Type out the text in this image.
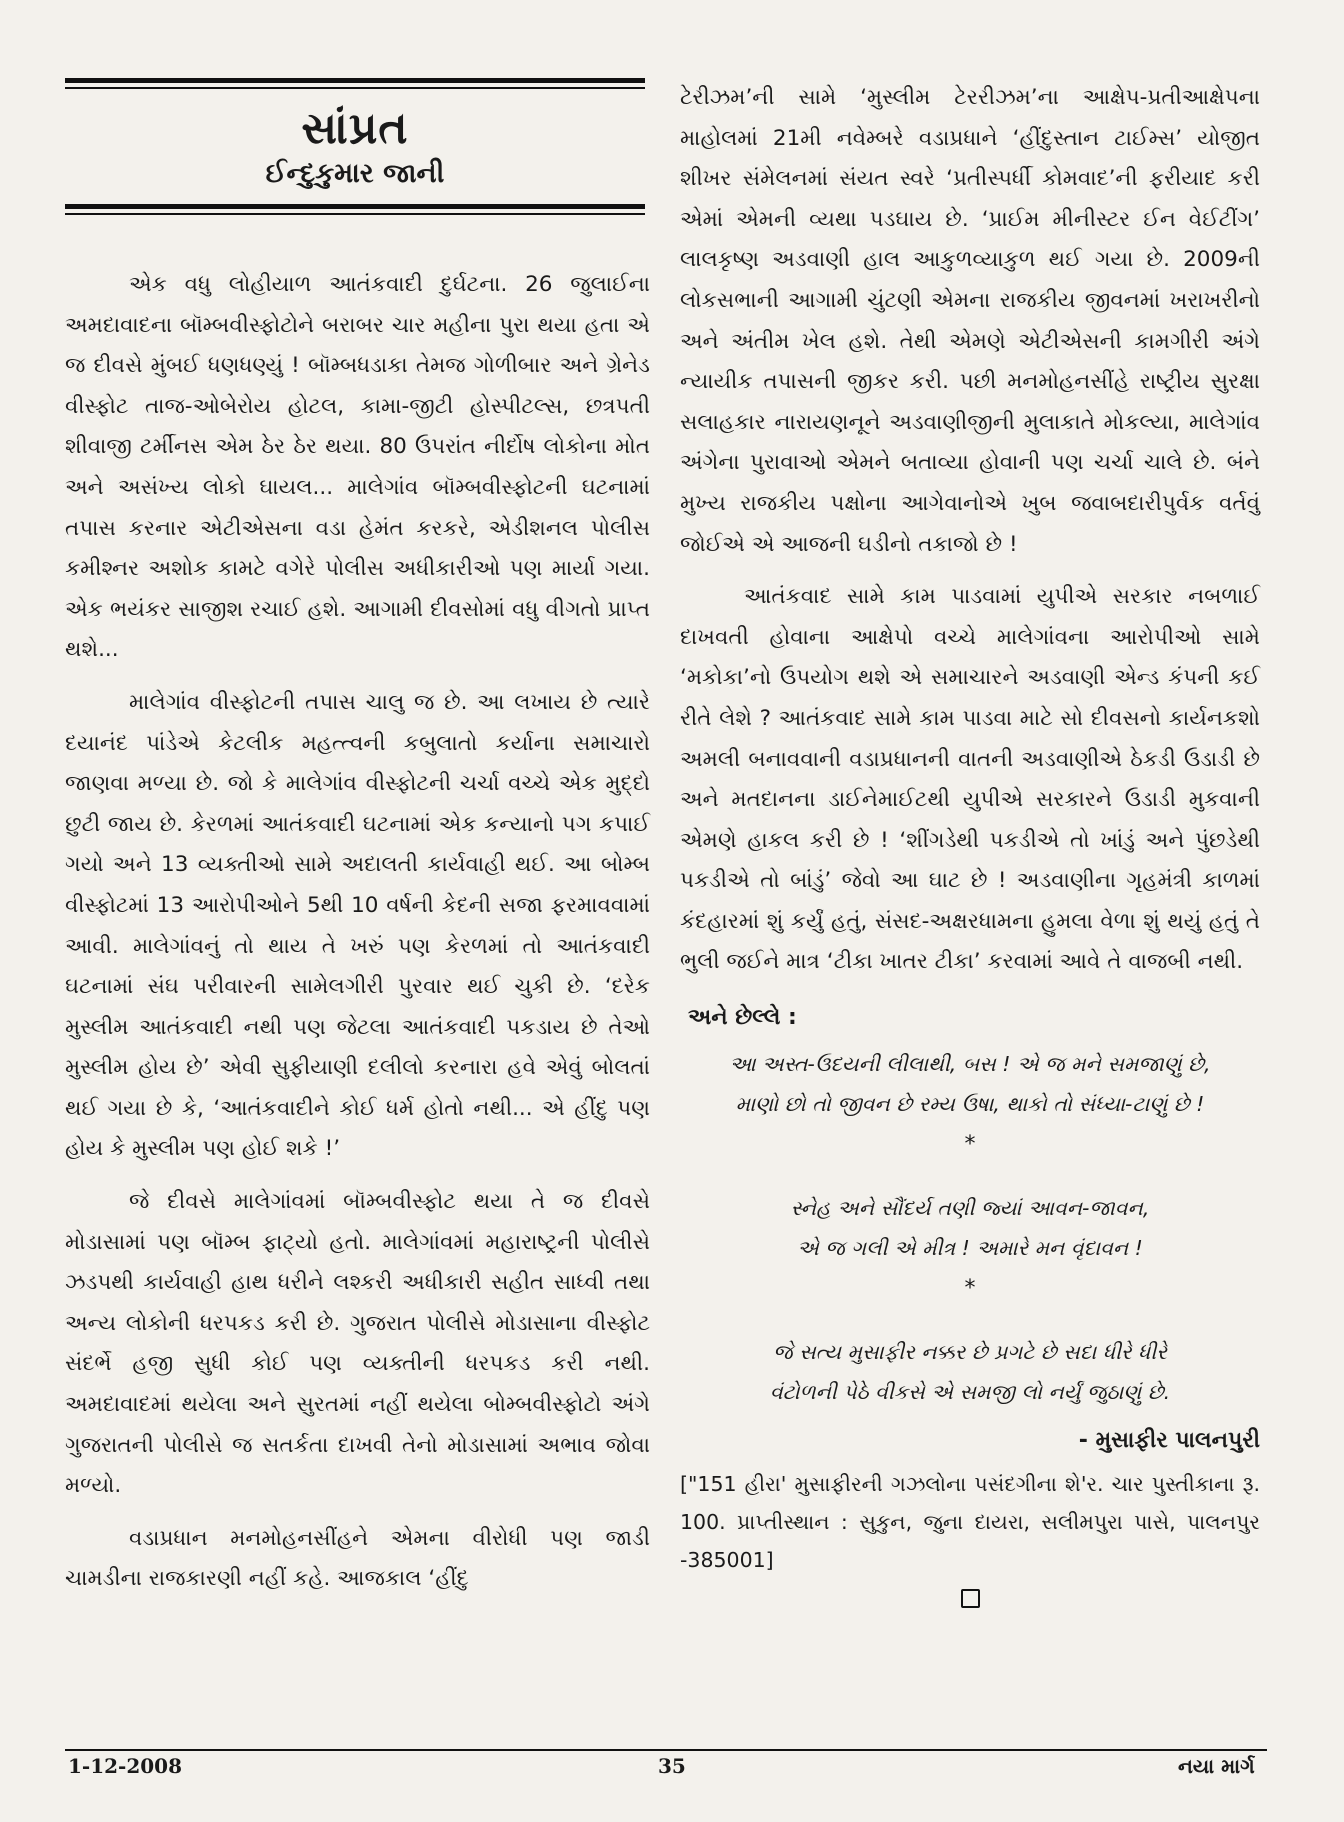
સાંપ્રત
ઈન્દુકુમાર જાની

એક વધુ લોહીયાળ આતંકવાદી દુર્ઘટના. 26 જુલાઈના અમદાવાદના બૉમ્બવીસ્ફોટોને બરાબર ચાર મહીના પુરા થયા હતા એ જ દીવસે મુંબઈ ધણધણ્યું ! બૉમ્બધડાકા તેમજ ગોળીબાર અને ગ્રેનેડ વીસ્ફોટ તાજ-ઓબેરોય હોટલ, કામા-જીટી હોસ્પીટલ્સ, છત્રપતી શીવાજી ટર્મીનસ એમ ઠેર ઠેર થયા. 80 ઉપરાંત નીર્દોષ લોકોના મોત અને અસંખ્ય લોકો ઘાયલ... માલેગાંવ બૉમ્બવીસ્ફોટની ઘટનામાં તપાસ કરનાર એટીએસના વડા હેમંત કરકરે, એડીશનલ પોલીસ કમીશ્નર અશોક કામટે વગેરે પોલીસ અધીકારીઓ પણ માર્યા ગયા. એક ભયંકર સાજીશ રચાઈ હશે. આગામી દીવસોમાં વધુ વીગતો પ્રાપ્ત થશે...

માલેગાંવ વીસ્ફોટની તપાસ ચાલુ જ છે. આ લખાય છે ત્યારે દયાનંદ પાંડેએ કેટલીક મહત્ત્વની કબુલાતો કર્યાના સમાચારો જાણવા મળ્યા છે. જો કે માલેગાંવ વીસ્ફોટની ચર્ચા વચ્ચે એક મુદ્દો છુટી જાય છે. કેરળમાં આતંકવાદી ઘટનામાં એક કન્યાનો પગ કપાઈ ગયો અને 13 વ્યક્તીઓ સામે અદાલતી કાર્યવાહી થઈ. આ બોમ્બ વીસ્ફોટમાં 13 આરોપીઓને 5થી 10 વર્ષની કેદની સજા ફરમાવવામાં આવી. માલેગાંવનું તો થાય તે ખરું પણ કેરળમાં તો આતંકવાદી ઘટનામાં સંઘ પરીવારની સામેલગીરી પુરવાર થઈ ચુકી છે. ‘દરેક મુસ્લીમ આતંકવાદી નથી પણ જેટલા આતંકવાદી પકડાય છે તેઓ મુસ્લીમ હોય છે’ એવી સુફીયાણી દલીલો કરનારા હવે એવું બોલતાં થઈ ગયા છે કે, ‘આતંકવાદીને કોઈ ધર્મ હોતો નથી... એ હીંદુ પણ હોય કે મુસ્લીમ પણ હોઈ શકે !’

જે દીવસે માલેગાંવમાં બૉમ્બવીસ્ફોટ થયા તે જ દીવસે મોડાસામાં પણ બૉમ્બ ફાટ્યો હતો. માલેગાંવમાં મહારાષ્ટ્રની પોલીસે ઝડપથી કાર્યવાહી હાથ ધરીને લશ્કરી અધીકારી સહીત સાધ્વી તથા અન્ય લોકોની ધરપકડ કરી છે. ગુજરાત પોલીસે મોડાસાના વીસ્ફોટ સંદર્ભે હજી સુધી કોઈ પણ વ્યક્તીની ધરપકડ કરી નથી. અમદાવાદમાં થયેલા અને સુરતમાં નહીં થયેલા બોમ્બવીસ્ફોટો અંગે ગુજરાતની પોલીસે જ સતર્કતા દાખવી તેનો મોડાસામાં અભાવ જોવા મળ્યો.

વડાપ્રધાન મનમોહનસીંહને એમના વીરોધી પણ જાડી ચામડીના રાજકારણી નહીં કહે. આજકાલ ‘હીંદુ

ટેરીઝમ’ની સામે ‘મુસ્લીમ ટેરરીઝમ’ના આક્ષેપ-પ્રતીઆક્ષેપના માહોલમાં 21મી નવેમ્બરે વડાપ્રધાને ‘હીંદુસ્તાન ટાઈમ્સ’ યોજીત શીખર સંમેલનમાં સંયત સ્વરે ‘પ્રતીસ્પર્ધી કોમવાદ’ની ફરીયાદ કરી એમાં એમની વ્યથા પડઘાય છે. ‘પ્રાઈમ મીનીસ્ટર ઈન વેઈટીંગ’ લાલકૃષ્ણ અડવાણી હાલ આકુળવ્યાકુળ થઈ ગયા છે. 2009ની લોકસભાની આગામી ચુંટણી એમના રાજકીય જીવનમાં ખરાખરીનો અને અંતીમ ખેલ હશે. તેથી એમણે એટીએસની કામગીરી અંગે ન્યાયીક તપાસની જીકર કરી. પછી મનમોહનસીંહે રાષ્ટ્રીય સુરક્ષા સલાહકાર નારાયણનૂને અડવાણીજીની મુલાકાતે મોકલ્યા, માલેગાંવ અંગેના પુરાવાઓ એમને બતાવ્યા હોવાની પણ ચર્ચા ચાલે છે. બંને મુખ્ય રાજકીય પક્ષોના આગેવાનોએ ખુબ જવાબદારીપુર્વક વર્તવું જોઈએ એ આજની ઘડીનો તકાજો છે !

આતંકવાદ સામે કામ પાડવામાં યુપીએ સરકાર નબળાઈ દાખવતી હોવાના આક્ષેપો વચ્ચે માલેગાંવના આરોપીઓ સામે ‘મકોકા’નો ઉપયોગ થશે એ સમાચારને અડવાણી એન્ડ કંપની કઈ રીતે લેશે ? આતંકવાદ સામે કામ પાડવા માટે સો દીવસનો કાર્યનકશો અમલી બનાવવાની વડાપ્રધાનની વાતની અડવાણીએ ઠેકડી ઉડાડી છે અને મતદાનના ડાઈનેમાઈટથી યુપીએ સરકારને ઉડાડી મુકવાની એમણે હાકલ કરી છે ! ‘શીંગડેથી પકડીએ તો ખાંડું અને પુંછડેથી પકડીએ તો બાંડું’ જેવો આ ઘાટ છે ! અડવાણીના ગૃહમંત્રી કાળમાં કંદહારમાં શું કર્યું હતું, સંસદ-અક્ષરધામના હુમલા વેળા શું થયું હતું તે ભુલી જઈને માત્ર ‘ટીકા ખાતર ટીકા’ કરવામાં આવે તે વાજબી નથી.

અને છેલ્લે :

આ અસ્ત-ઉદયની લીલાથી, બસ ! એ જ મને સમજાણું છે,

માણો છો તો જીવન છે રમ્ય ઉષા, થાકો તો સંધ્યા-ટાણું છે !

*

સ્નેહ અને સૌંદર્ય તણી જ્યાં આવન-જાવન,

એ જ ગલી એ મીત્ર ! અમારે મન વૃંદાવન !

*

જે સત્ય મુસાફીર નક્કર છે પ્રગટે છે સદા ધીરે ધીરે

વંટોળની પેઠે વીકસે એ સમજી લો નર્યું જુઠાણું છે.

- મુસાફીર પાલનપુરી

["151 હીરા' મુસાફીરની ગઝલોના પસંદગીના શે'ર. ચાર પુસ્તીકાના રૂ. 100. પ્રાપ્તીસ્થાન : સુકુન, જુના દાયરા, સલીમપુરા પાસે, પાલનપુર -385001]

1-12-2008	35	નયા માર્ગ
